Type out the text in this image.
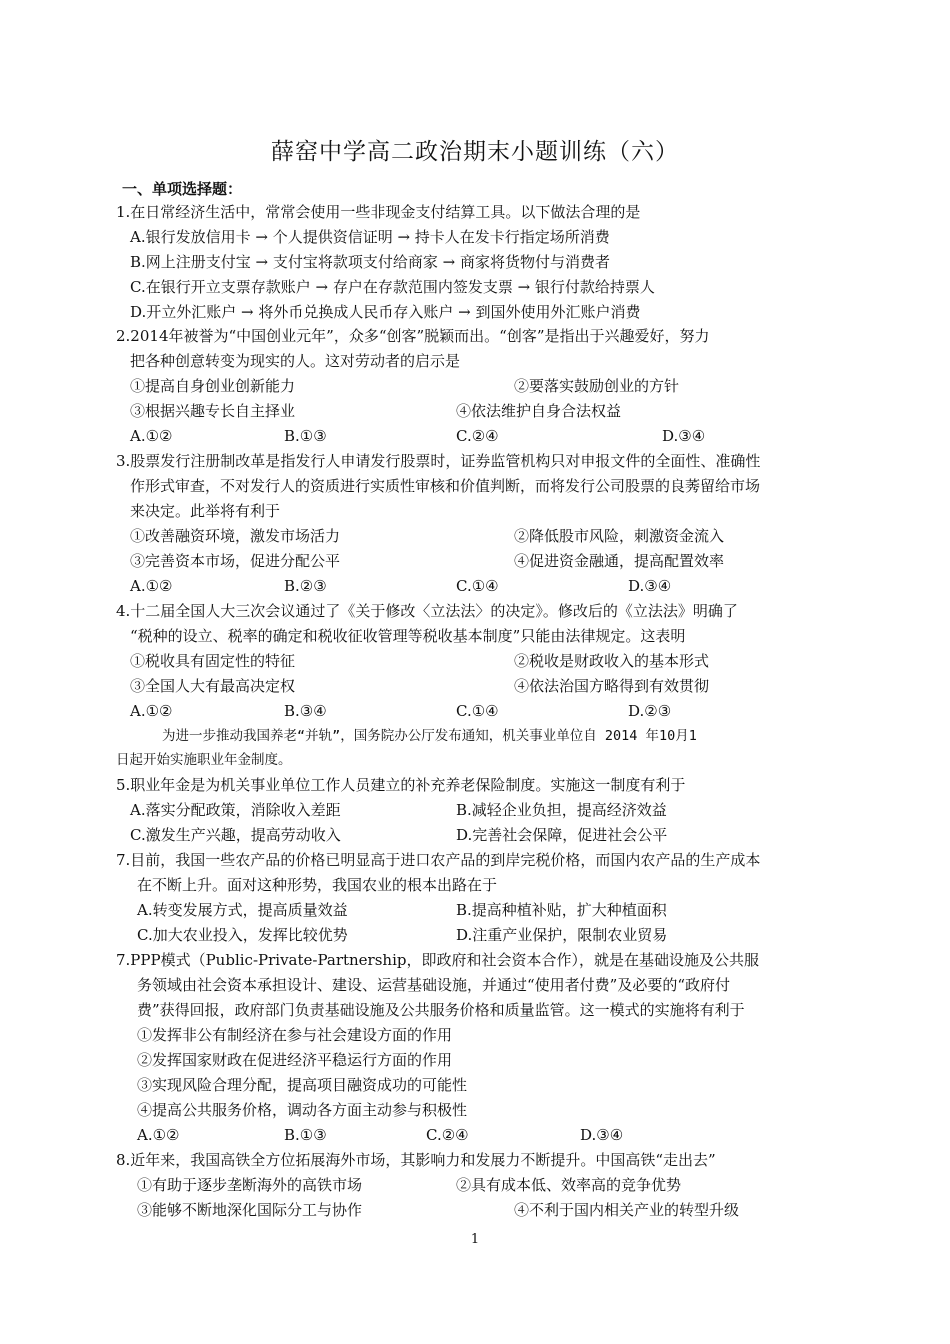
薛窑中学高二政治期末小题训练（六）
一、单项选择题：
1.在日常经济生活中，常常会使用一些非现金支付结算工具。以下做法合理的是
A.银行发放信用卡 → 个人提供资信证明 → 持卡人在发卡行指定场所消费
B.网上注册支付宝 → 支付宝将款项支付给商家 → 商家将货物付与消费者
C.在银行开立支票存款账户 → 存户在存款范围内签发支票 → 银行付款给持票人
D.开立外汇账户 → 将外币兑换成人民币存入账户 → 到国外使用外汇账户消费
2.2014年被誉为“中国创业元年”，众多“创客”脱颖而出。“创客”是指出于兴趣爱好，努力
把各种创意转变为现实的人。这对劳动者的启示是
①提高自身创业创新能力	②要落实鼓励创业的方针
③根据兴趣专长自主择业	④依法维护自身合法权益
A.①②	B.①③	C.②④	D.③④
3.股票发行注册制改革是指发行人申请发行股票时，证券监管机构只对申报文件的全面性、准确性
作形式审查，不对发行人的资质进行实质性审核和价值判断，而将发行公司股票的良莠留给市场
来决定。此举将有利于
①改善融资环境，激发市场活力	②降低股市风险，刺激资金流入
③完善资本市场，促进分配公平	④促进资金融通，提高配置效率
A.①②	B.②③	C.①④	D.③④
4.十二届全国人大三次会议通过了《关于修改〈立法法〉的决定》。修改后的《立法法》明确了
“税种的设立、税率的确定和税收征收管理等税收基本制度”只能由法律规定。这表明
①税收具有固定性的特征	②税收是财政收入的基本形式
③全国人大有最高决定权	④依法治国方略得到有效贯彻
A.①②	B.③④	C.①④	D.②③
为进一步推动我国养老“并轨”，国务院办公厅发布通知，机关事业单位自 2014 年10月1
日起开始实施职业年金制度。
5.职业年金是为机关事业单位工作人员建立的补充养老保险制度。实施这一制度有利于
A.落实分配政策，消除收入差距	B.减轻企业负担，提高经济效益
C.激发生产兴趣，提高劳动收入	D.完善社会保障，促进社会公平
7.目前，我国一些农产品的价格已明显高于进口农产品的到岸完税价格，而国内农产品的生产成本
在不断上升。面对这种形势，我国农业的根本出路在于
A.转变发展方式，提高质量效益	B.提高种植补贴，扩大种植面积
C.加大农业投入，发挥比较优势	D.注重产业保护，限制农业贸易
7.PPP模式（Public-Private-Partnership，即政府和社会资本合作），就是在基础设施及公共服
务领域由社会资本承担设计、建设、运营基础设施，并通过“使用者付费”及必要的“政府付
费”获得回报，政府部门负责基础设施及公共服务价格和质量监管。这一模式的实施将有利于
①发挥非公有制经济在参与社会建设方面的作用
②发挥国家财政在促进经济平稳运行方面的作用
③实现风险合理分配，提高项目融资成功的可能性
④提高公共服务价格，调动各方面主动参与积极性
A.①②	B.①③	C.②④	D.③④
8.近年来，我国高铁全方位拓展海外市场，其影响力和发展力不断提升。中国高铁“走出去”
①有助于逐步垄断海外的高铁市场	②具有成本低、效率高的竞争优势
③能够不断地深化国际分工与协作	④不利于国内相关产业的转型升级
1
